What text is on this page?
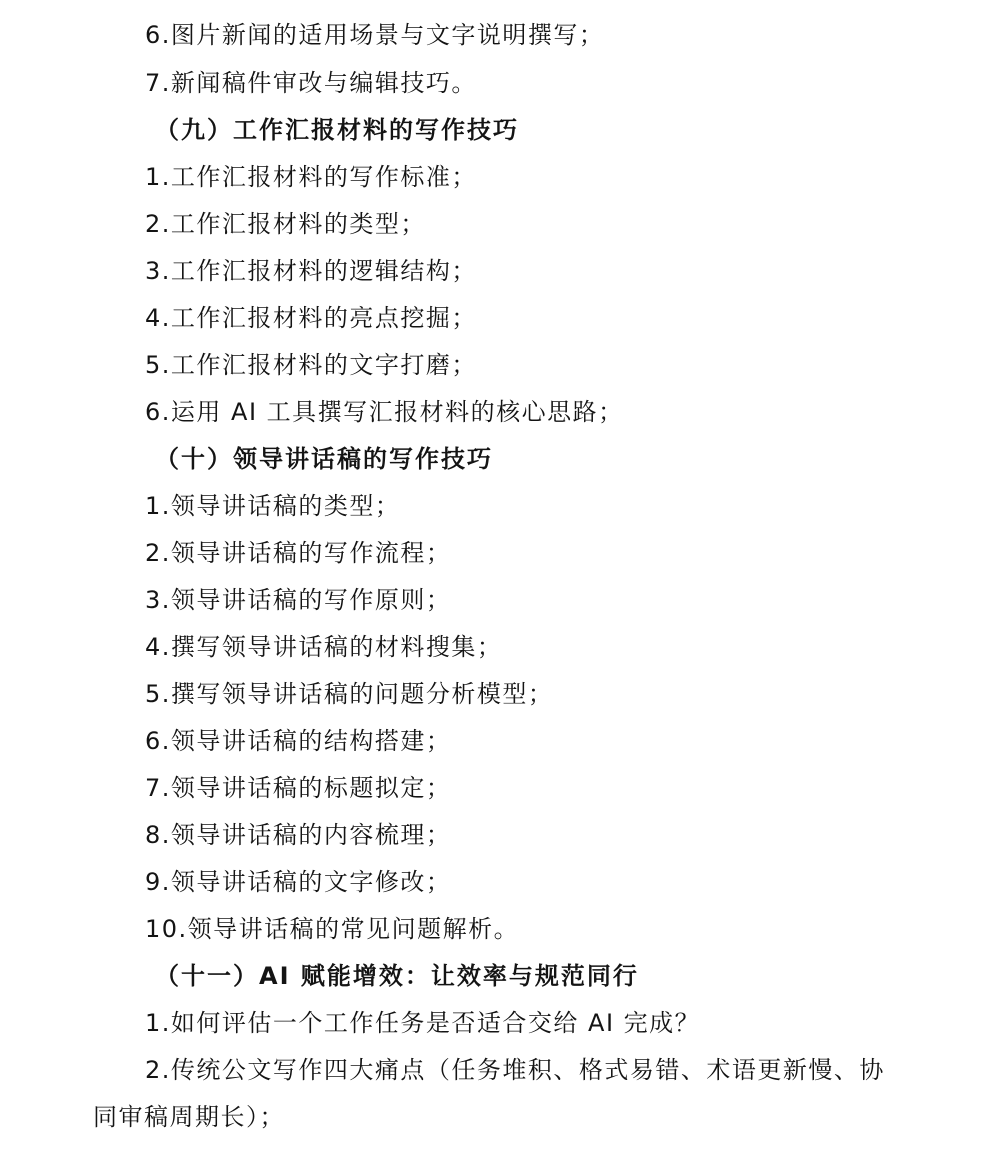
6.图片新闻的适用场景与文字说明撰写；
7.新闻稿件审改与编辑技巧。
（九）工作汇报材料的写作技巧
1.工作汇报材料的写作标准；
2.工作汇报材料的类型；
3.工作汇报材料的逻辑结构；
4.工作汇报材料的亮点挖掘；
5.工作汇报材料的文字打磨；
6.运用 AI 工具撰写汇报材料的核心思路；
（十）领导讲话稿的写作技巧
1.领导讲话稿的类型；
2.领导讲话稿的写作流程；
3.领导讲话稿的写作原则；
4.撰写领导讲话稿的材料搜集；
5.撰写领导讲话稿的问题分析模型；
6.领导讲话稿的结构搭建；
7.领导讲话稿的标题拟定；
8.领导讲话稿的内容梳理；
9.领导讲话稿的文字修改；
10.领导讲话稿的常见问题解析。
（十一）AI 赋能增效：让效率与规范同行
1.如何评估一个工作任务是否适合交给 AI 完成？
2.传统公文写作四大痛点（任务堆积、格式易错、术语更新慢、协
同审稿周期长）；
